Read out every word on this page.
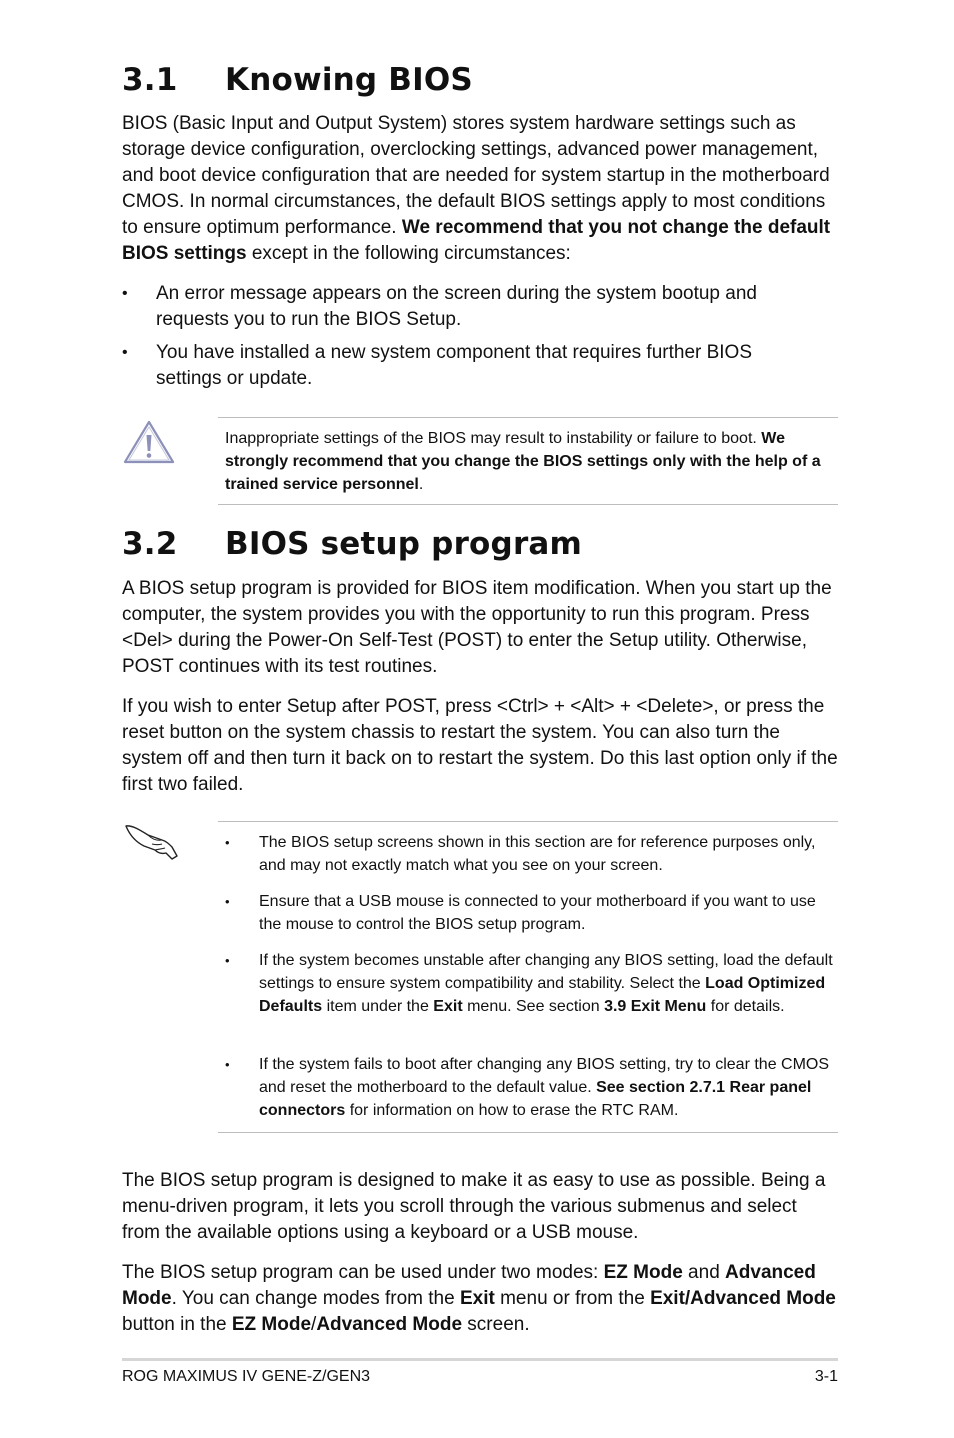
3.1 Knowing BIOS

BIOS (Basic Input and Output System) stores system hardware settings such as storage device configuration, overclocking settings, advanced power management, and boot device configuration that are needed for system startup in the motherboard CMOS. In normal circumstances, the default BIOS settings apply to most conditions to ensure optimum performance. We recommend that you not change the default BIOS settings except in the following circumstances:

•	An error message appears on the screen during the system bootup and requests you to run the BIOS Setup.
•	You have installed a new system component that requires further BIOS settings or update.
Inappropriate settings of the BIOS may result to instability or failure to boot. We strongly recommend that you change the BIOS settings only with the help of a trained service personnel.
3.2 BIOS setup program

A BIOS setup program is provided for BIOS item modification. When you start up the computer, the system provides you with the opportunity to run this program. Press <Del> during the Power-On Self-Test (POST) to enter the Setup utility. Otherwise, POST continues with its test routines.

If you wish to enter Setup after POST, press <Ctrl> + <Alt> + <Delete>, or press the reset button on the system chassis to restart the system. You can also turn the system off and then turn it back on to restart the system. Do this last option only if the first two failed.

• The BIOS setup screens shown in this section are for reference purposes only, and may not exactly match what you see on your screen.
• Ensure that a USB mouse is connected to your motherboard if you want to use the mouse to control the BIOS setup program.
• If the system becomes unstable after changing any BIOS setting, load the default settings to ensure system compatibility and stability. Select the Load Optimized Defaults item under the Exit menu. See section 3.9 Exit Menu for details.
• If the system fails to boot after changing any BIOS setting, try to clear the CMOS and reset the motherboard to the default value. See section 2.7.1 Rear panel connectors for information on how to erase the RTC RAM.

The BIOS setup program is designed to make it as easy to use as possible. Being a menu-driven program, it lets you scroll through the various submenus and select from the available options using a keyboard or a USB mouse.

The BIOS setup program can be used under two modes: EZ Mode and Advanced Mode. You can change modes from the Exit menu or from the Exit/Advanced Mode button in the EZ Mode/Advanced Mode screen.

ROG MAXIMUS IV GENE-Z/GEN3	3-1
